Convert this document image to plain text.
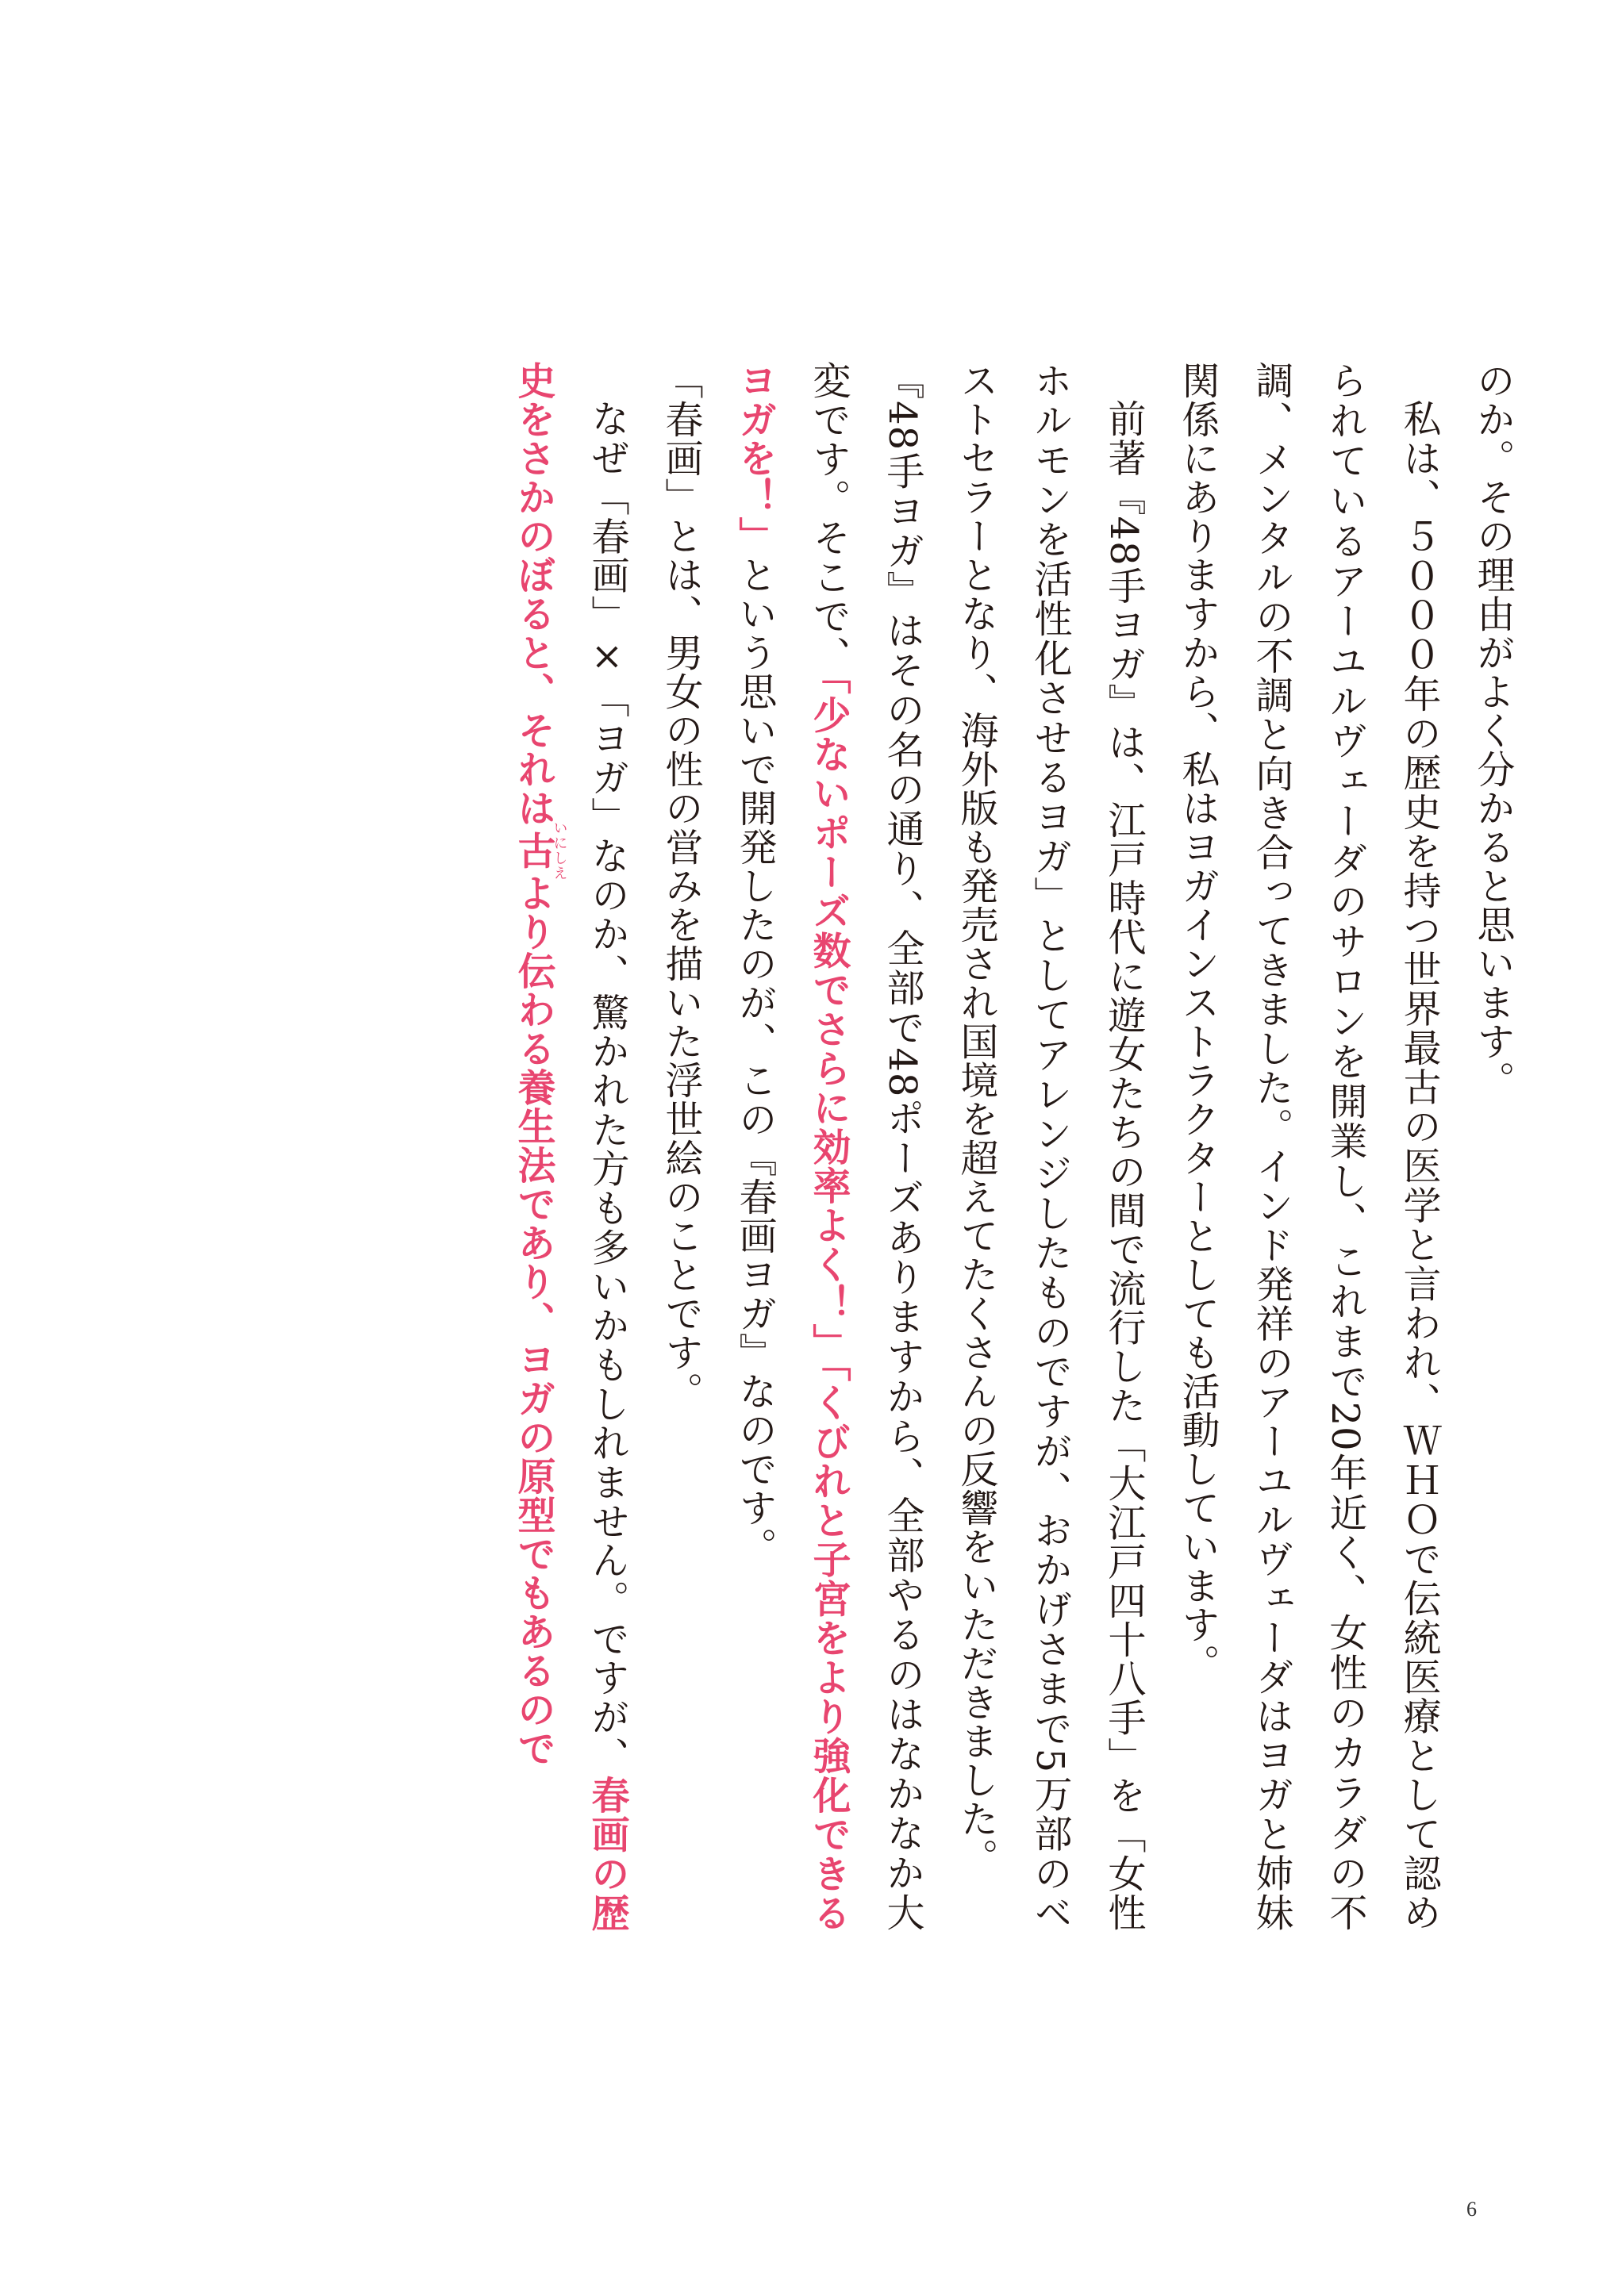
のか。その理由がよく分かると思います。

私は、５０００年の歴史を持つ世界最古の医学と言われ、ＷＨＯで伝統医療として認められているアーユルヴェーダのサロンを開業し、これまで20年近く、女性のカラダの不調、メンタルの不調と向き合ってきました。インド発祥のアーユルヴェーダはヨガと姉妹関係にありますから、私はヨガインストラクターとしても活動しています。

前著『48手ヨガ』は、江戸時代に遊女たちの間で流行した「大江戸四十八手」を「女性ホルモンを活性化させるヨガ」としてアレンジしたものですが、おかげさまで5万部のベストセラーとなり、海外版も発売され国境を超えてたくさんの反響をいただきました。

『48手ヨガ』はその名の通り、全部で48ポーズありますから、全部やるのはなかなか大変です。そこで、「少ないポーズ数でさらに効率よく！」「くびれと子宮をより強化できるヨガを！」という思いで開発したのが、この『春画ヨガ』なのです。

「春画」とは、男女の性の営みを描いた浮世絵のことです。

なぜ「春画」×「ヨガ」なのか、驚かれた方も多いかもしれません。ですが、春画の歴史をさかのぼると、それは古いにしえより伝わる養生法であり、ヨガの原型でもあるので

6
